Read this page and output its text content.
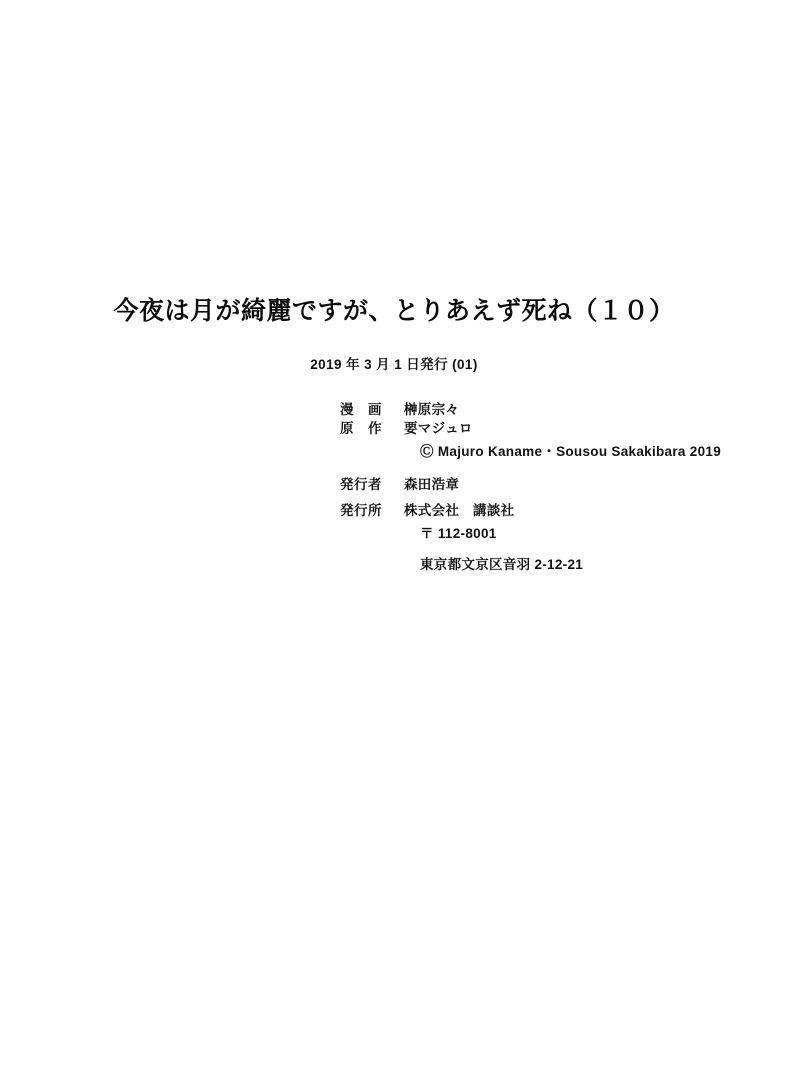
今夜は月が綺麗ですが、とりあえず死ね（１０）
2019 年 3 月 1 日発行 (01)
漫　画	榊原宗々
原　作	要マジュロ
Ⓒ Majuro Kaname・Sousou Sakakibara 2019
発行者	森田浩章
発行所	株式会社　講談社
〒 112-8001
東京都文京区音羽 2-12-21
